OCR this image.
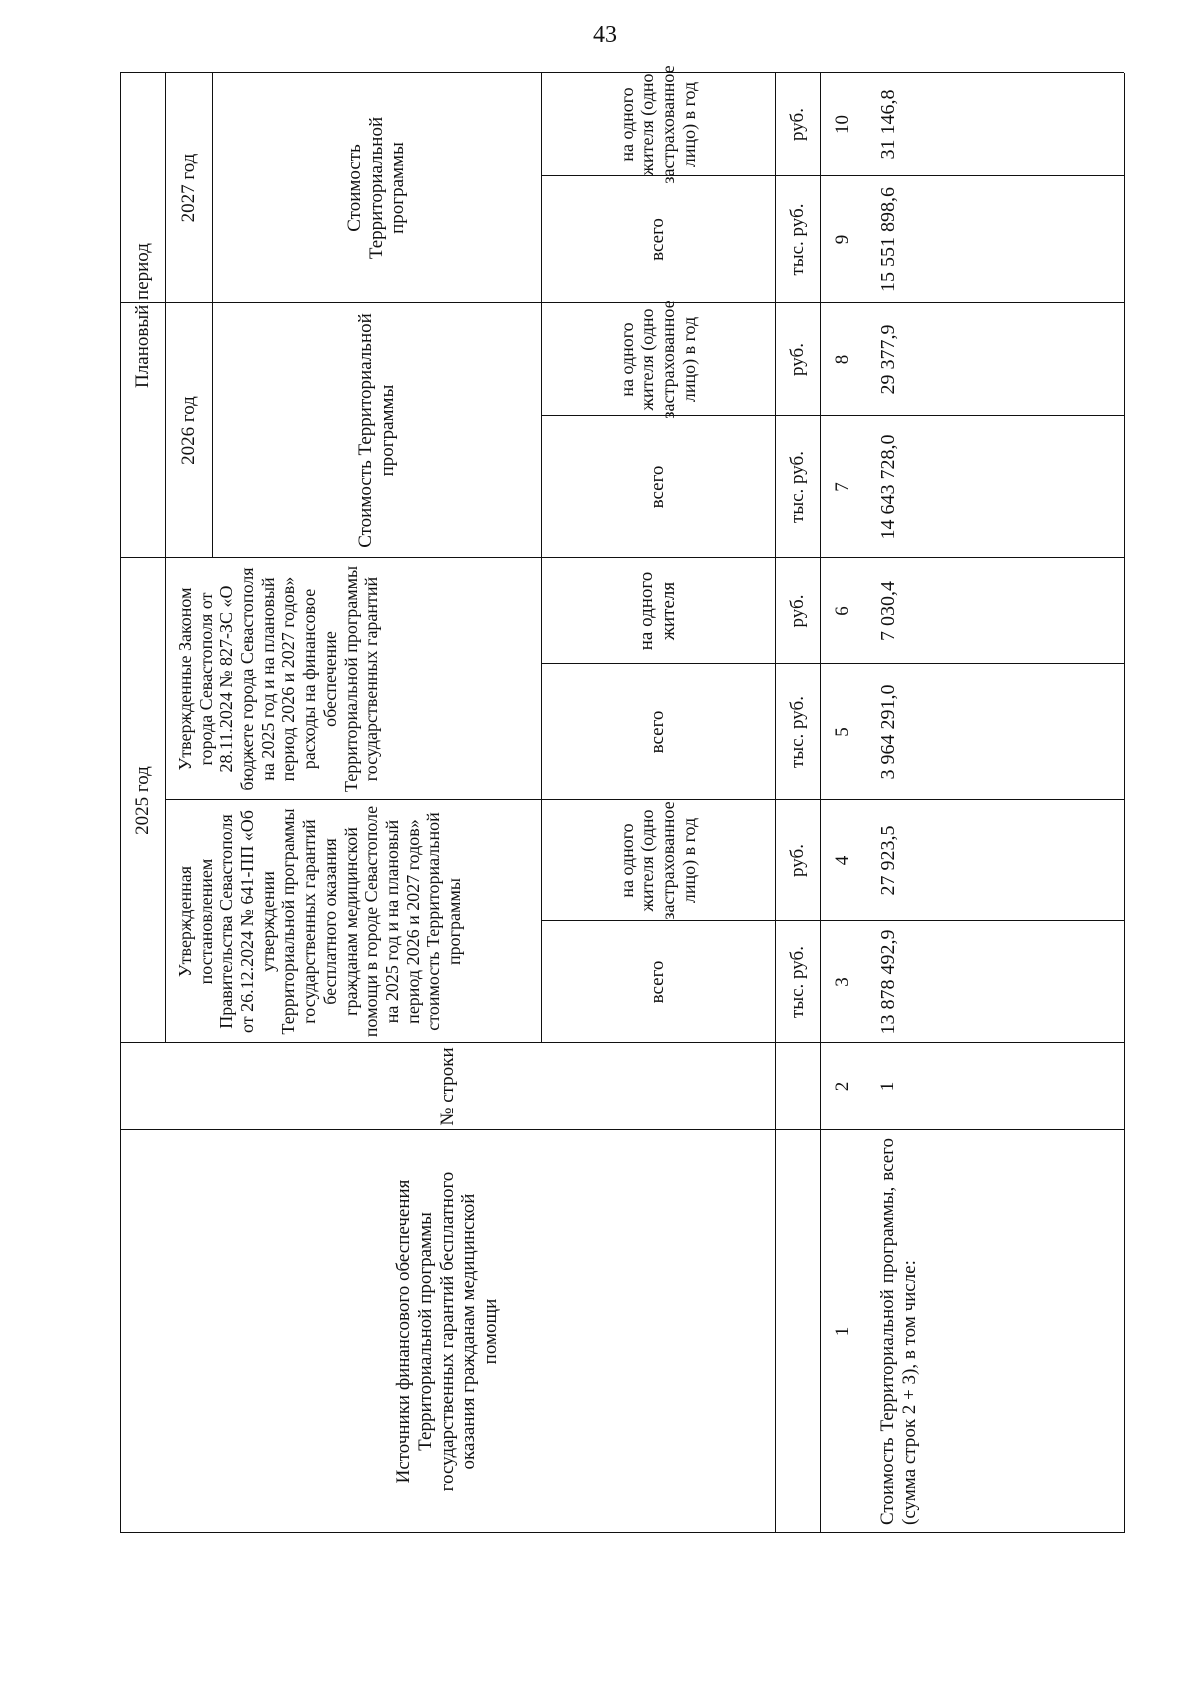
43
Источники финансового обеспечения Территориальной программы государственных гарантий бесплатного оказания гражданам медицинской помощи
№ строки
2025 год
Плановый период
2026 год
2027 год
Утвержденная постановлением Правительства Севастополя от 26.12.2024 № 641-ПП «Об утверждении Территориальной программы государственных гарантий бесплатного оказания гражданам медицинской помощи в городе Севастополе на 2025 год и на плановый период 2026 и 2027 годов» стоимость Территориальной программы
Утвержденные Законом города Севастополя от 28.11.2024 № 827-ЗС «О бюджете города Севастополя на 2025 год и на плановый период 2026 и 2027 годов» расходы на финансовое обеспечение Территориальной программы государственных гарантий
Стоимость Территориальной программы
Стоимость Территориальной программы
всего
на одного жителя (одно застрахованное лицо) в год
всего
на одного жителя
всего
на одного жителя (одно застрахованное лицо) в год
всего
на одного жителя (одно застрахованное лицо) в год
тыс. руб.
руб.
тыс. руб.
руб.
тыс. руб.
руб.
тыс. руб.
руб.
1
2
3
4
5
6
7
8
9
10
Стоимость Территориальной программы, всего (сумма строк 2 + 3), в том числе:
1
13 878 492,9
27 923,5
3 964 291,0
7 030,4
14 643 728,0
29 377,9
15 551 898,6
31 146,8
